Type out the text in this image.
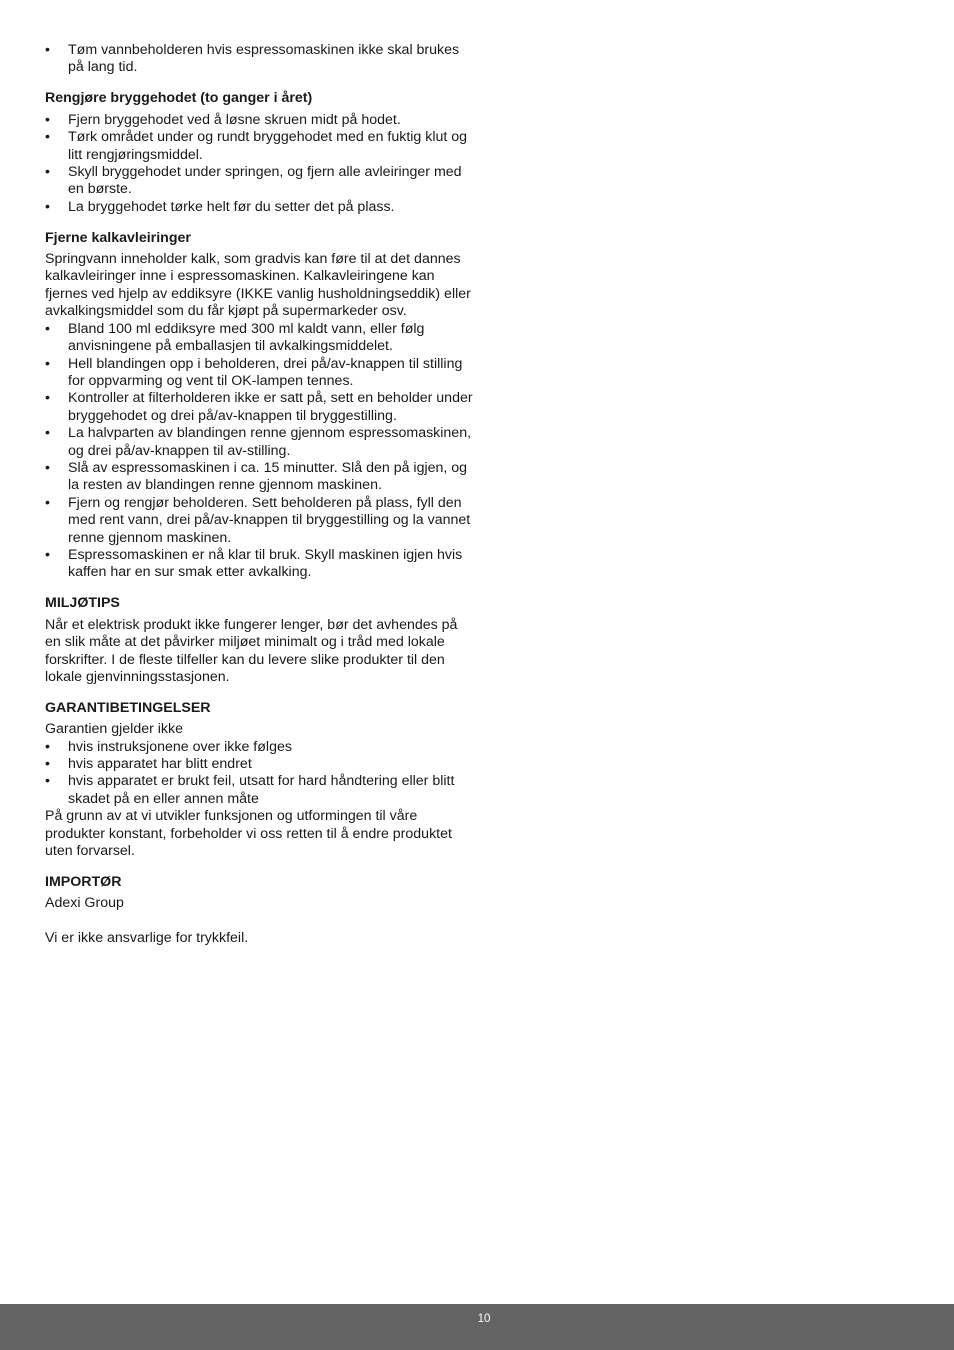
• Tøm vannbeholderen hvis espressomaskinen ikke skal brukes på lang tid.

Rengjøre bryggehodet (to ganger i året)

• Fjern bryggehodet ved å løsne skruen midt på hodet.
• Tørk området under og rundt bryggehodet med en fuktig klut og litt rengjøringsmiddel.
• Skyll bryggehodet under springen, og fjern alle avleiringer med en børste.
• La bryggehodet tørke helt før du setter det på plass.

Fjerne kalkavleiringer

Springvann inneholder kalk, som gradvis kan føre til at det dannes kalkavleiringer inne i espressomaskinen. Kalkavleiringene kan fjernes ved hjelp av eddiksyre (IKKE vanlig husholdningseddik) eller avkalkingsmiddel som du får kjøpt på supermarkeder osv.

• Bland 100 ml eddiksyre med 300 ml kaldt vann, eller følg anvisningene på emballasjen til avkalkingsmiddelet.
• Hell blandingen opp i beholderen, drei på/av-knappen til stilling for oppvarming og vent til OK-lampen tennes.
• Kontroller at filterholderen ikke er satt på, sett en beholder under bryggehodet og drei på/av-knappen til bryggestilling.
• La halvparten av blandingen renne gjennom espressomaskinen, og drei på/av-knappen til av-stilling.
• Slå av espressomaskinen i ca. 15 minutter. Slå den på igjen, og la resten av blandingen renne gjennom maskinen.
• Fjern og rengjør beholderen. Sett beholderen på plass, fyll den med rent vann, drei på/av-knappen til bryggestilling og la vannet renne gjennom maskinen.
• Espressomaskinen er nå klar til bruk. Skyll maskinen igjen hvis kaffen har en sur smak etter avkalking.

MILJØTIPS

Når et elektrisk produkt ikke fungerer lenger, bør det avhendes på en slik måte at det påvirker miljøet minimalt og i tråd med lokale forskrifter. I de fleste tilfeller kan du levere slike produkter til den lokale gjenvinningsstasjonen.

GARANTIBETINGELSER

Garantien gjelder ikke

• hvis instruksjonene over ikke følges
• hvis apparatet har blitt endret
• hvis apparatet er brukt feil, utsatt for hard håndtering eller blitt skadet på en eller annen måte

På grunn av at vi utvikler funksjonen og utformingen til våre produkter konstant, forbeholder vi oss retten til å endre produktet uten forvarsel.

IMPORTØR

Adexi Group

Vi er ikke ansvarlige for trykkfeil.

10
